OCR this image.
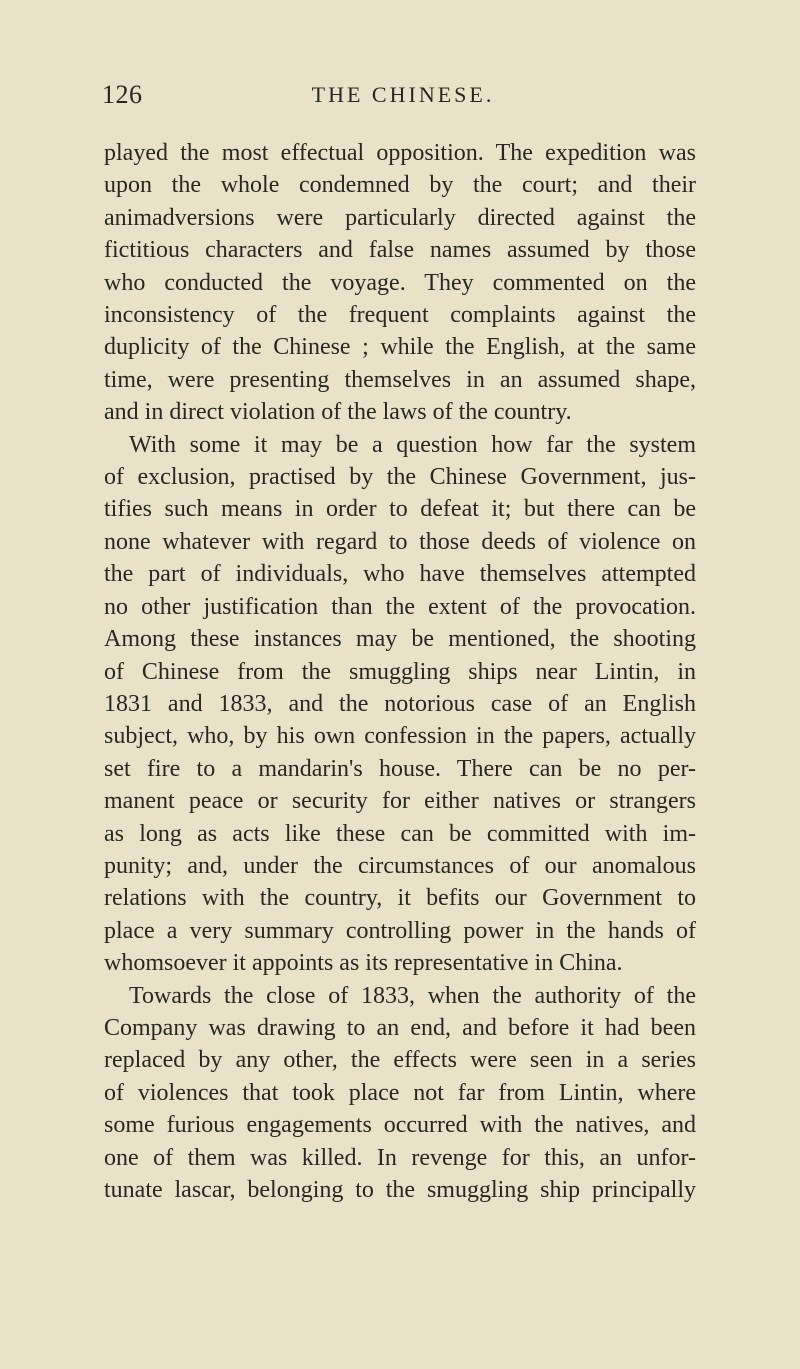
126	THE CHINESE.
played the most effectual opposition. The expedition was
upon the whole condemned by the court; and their
animadversions were particularly directed against the
fictitious characters and false names assumed by those
who conducted the voyage. They commented on the
inconsistency of the frequent complaints against the
duplicity of the Chinese ; while the English, at the same
time, were presenting themselves in an assumed shape,
and in direct violation of the laws of the country.
With some it may be a question how far the system
of exclusion, practised by the Chinese Government, jus-
tifies such means in order to defeat it; but there can be
none whatever with regard to those deeds of violence on
the part of individuals, who have themselves attempted
no other justification than the extent of the provocation.
Among these instances may be mentioned, the shooting
of Chinese from the smuggling ships near Lintin, in
1831 and 1833, and the notorious case of an English
subject, who, by his own confession in the papers, actually
set fire to a mandarin's house. There can be no per-
manent peace or security for either natives or strangers
as long as acts like these can be committed with im-
punity; and, under the circumstances of our anomalous
relations with the country, it befits our Government to
place a very summary controlling power in the hands of
whomsoever it appoints as its representative in China.
Towards the close of 1833, when the authority of the
Company was drawing to an end, and before it had been
replaced by any other, the effects were seen in a series
of violences that took place not far from Lintin, where
some furious engagements occurred with the natives, and
one of them was killed. In revenge for this, an unfor-
tunate lascar, belonging to the smuggling ship principally
